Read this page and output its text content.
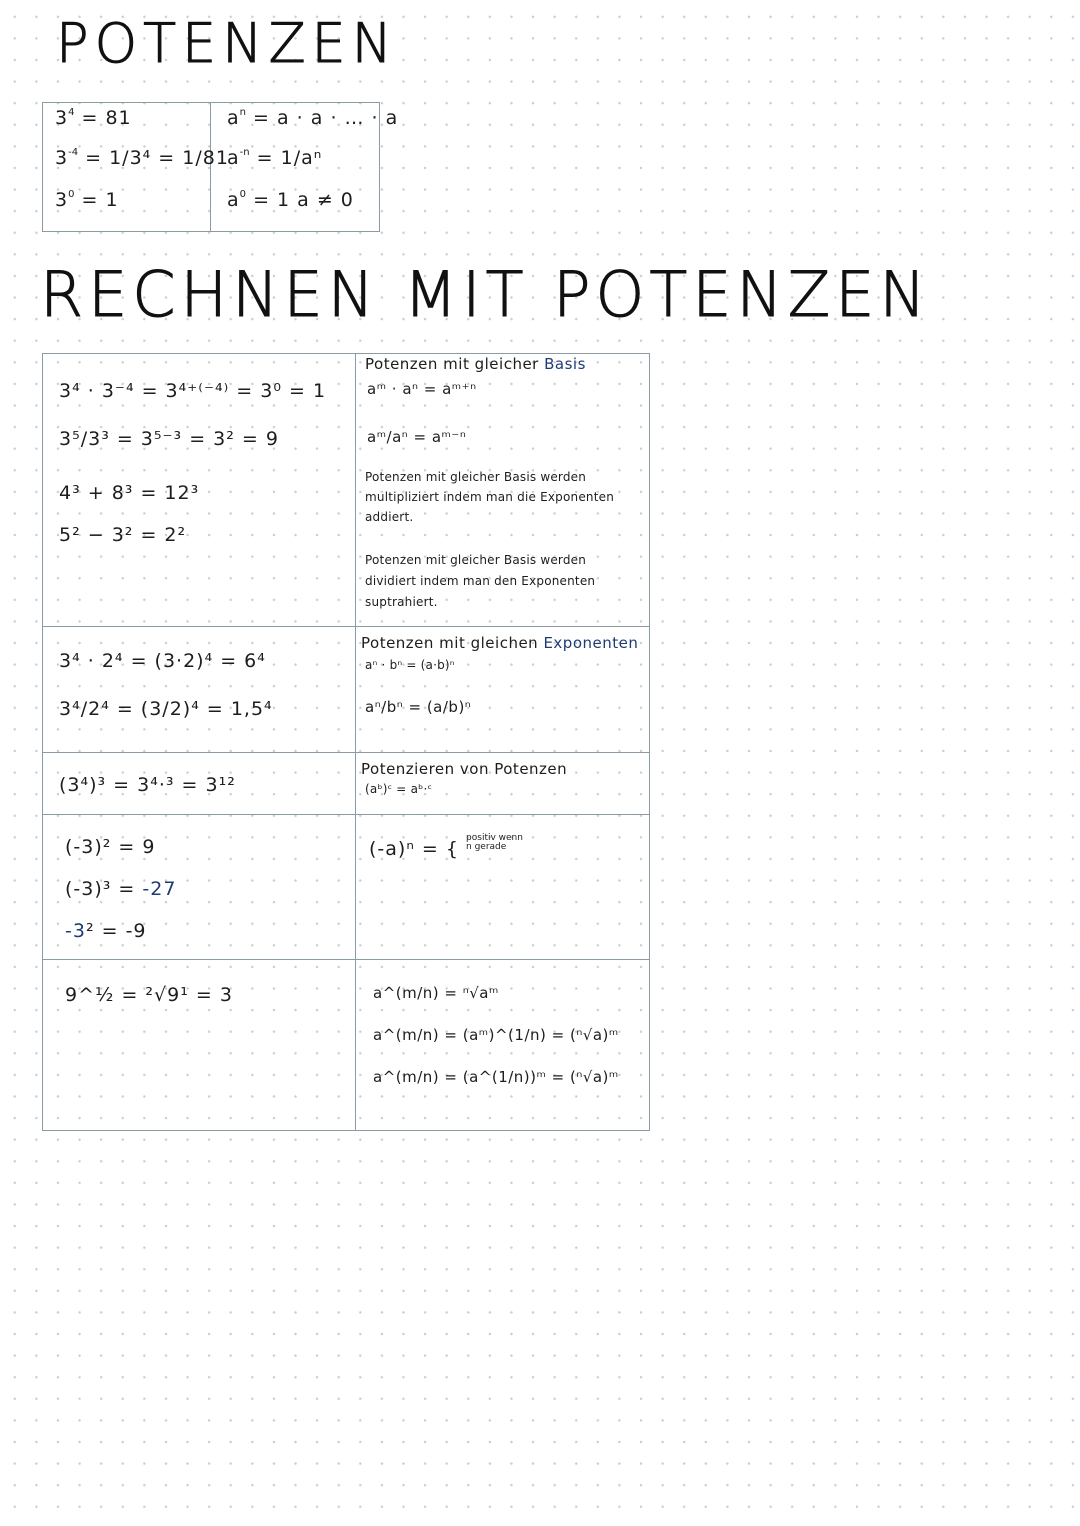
POTENZEN
RECHNEN MIT POTENZEN
$3^4 = 81$
$3^{-4} = 1/3^4 = 1/81$
$3^0 = 1$
$a^n = a \cdot a$ · … · a
$a^{-n} = 1/a^n$
$a^0 = 1$ a ≠ 0
3⁴ · 3⁻⁴ = 3⁴⁺⁽⁻⁴⁾ = 3⁰ = 1
3⁵/3³ = 3⁵⁻³ = 3² = 9
4³ + 8³ = 12³
5² − 3² = 2²
Potenzen mit gleicher Basis
aᵐ · aⁿ = aᵐ⁺ⁿ
aᵐ/aⁿ = aᵐ⁻ⁿ
Potenzen mit gleicher Basis werden
multipliziert indem man die Exponenten
addiert.
Potenzen mit gleicher Basis werden
dividiert indem man den Exponenten
suptrahiert.
3⁴ · 2⁴ = (3·2)⁴ = 6⁴
3⁴/2⁴ = (3/2)⁴ = 1,5⁴
Potenzen mit gleichen Exponenten
aⁿ · bⁿ = (a·b)ⁿ
aⁿ/bⁿ = (a/b)ⁿ
(3⁴)³ = 3⁴·³ = 3¹²
Potenzieren von Potenzen
(aᵇ)ᶜ = aᵇ·ᶜ
(-3)² = 9
(-3)³ = -27
-3² = -9
(-a)ⁿ = { positiv wenn
n gerade
9^½ = ²√9¹ = 3	a^(m/n) = ⁿ√aᵐ
a^(m/n) = (aᵐ)^(1/n) = (ⁿ√a)ᵐ
a^(m/n) = (a^(1/n))ᵐ = (ⁿ√a)ᵐ
